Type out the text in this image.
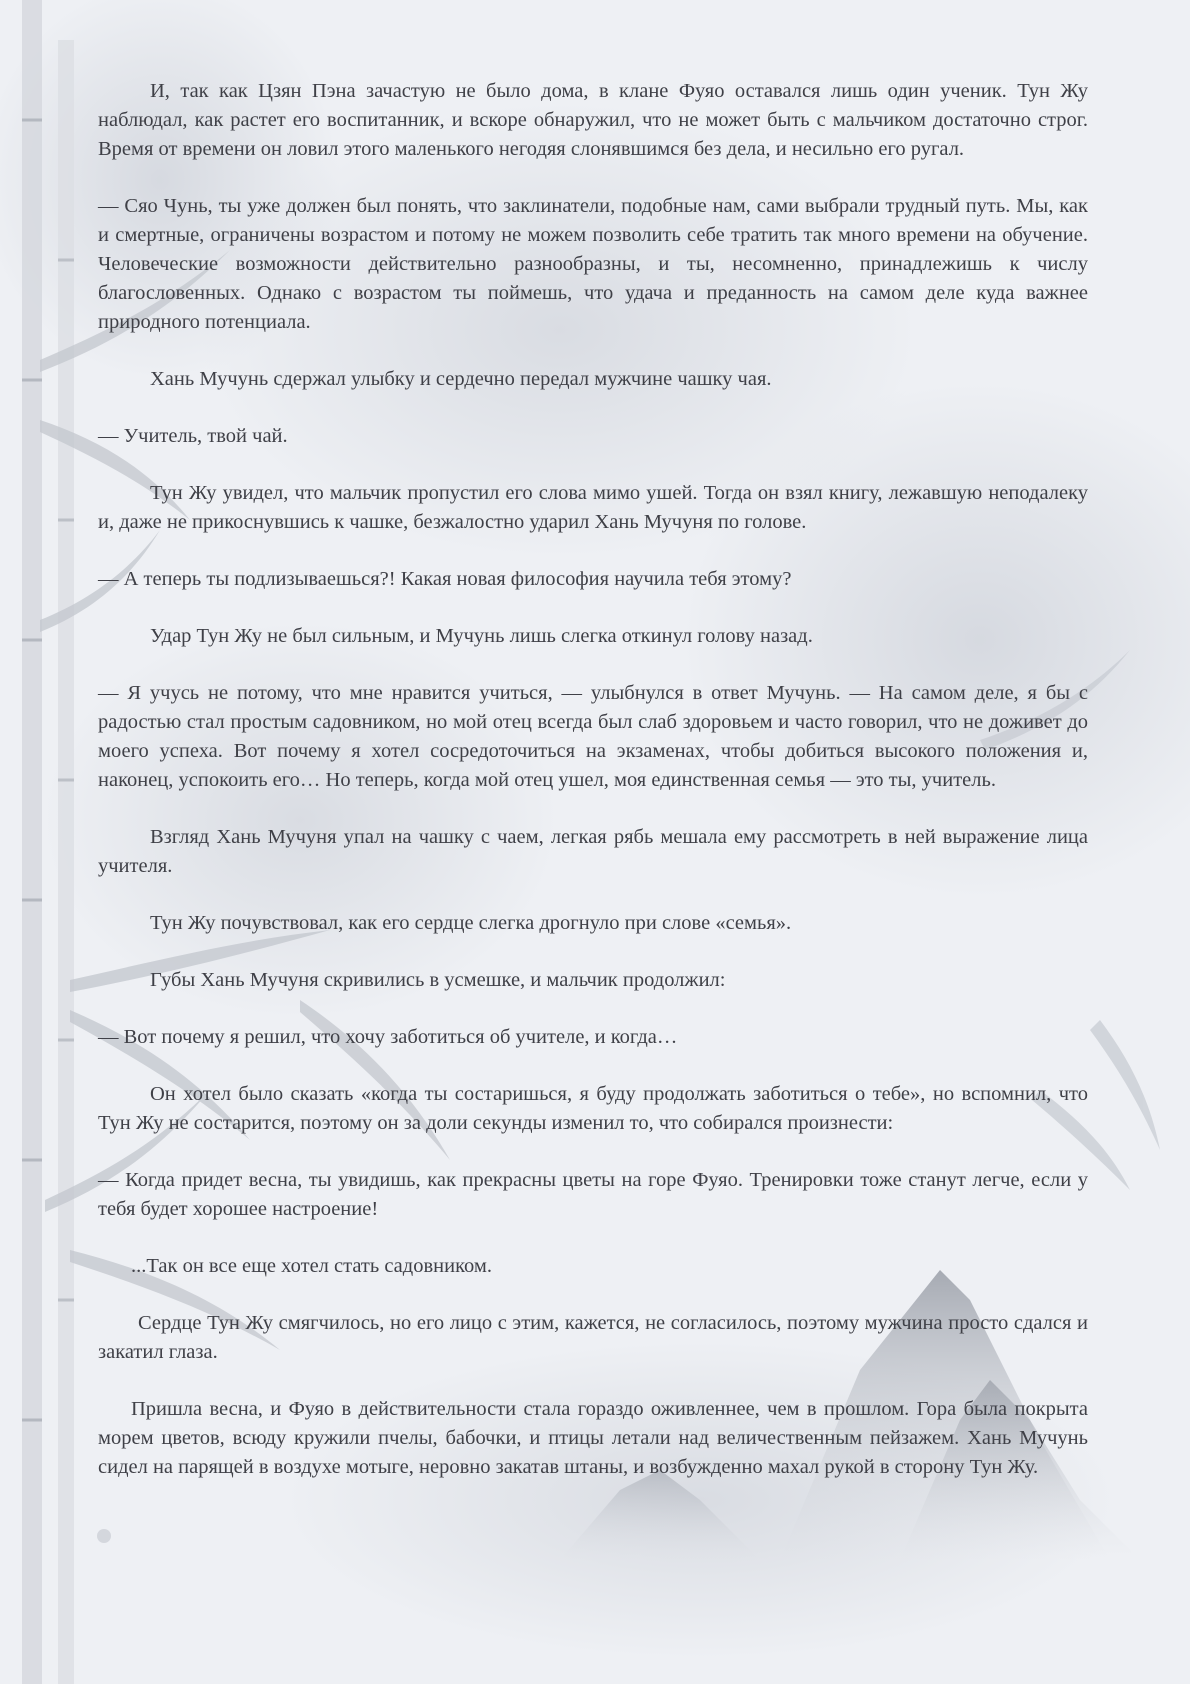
И, так как Цзян Пэна зачастую не было дома, в клане Фуяо оставался лишь один ученик. Тун Жу наблюдал, как растет его воспитанник, и вскоре обнаружил, что не может быть с мальчиком достаточно строг. Время от времени он ловил этого маленького негодяя слонявшимся без дела, и несильно его ругал.

— Сяо Чунь, ты уже должен был понять, что заклинатели, подобные нам, сами выбрали трудный путь. Мы, как и смертные, ограничены возрастом и потому не можем позволить себе тратить так много времени на обучение. Человеческие возможности действительно разнообразны, и ты, несомненно, принадлежишь к числу благословенных. Однако с возрастом ты поймешь, что удача и преданность на самом деле куда важнее природного потенциала.

Хань Мучунь сдержал улыбку и сердечно передал мужчине чашку чая.

— Учитель, твой чай.

Тун Жу увидел, что мальчик пропустил его слова мимо ушей. Тогда он взял книгу, лежавшую неподалеку и, даже не прикоснувшись к чашке, безжалостно ударил Хань Мучуня по голове.

— А теперь ты подлизываешься?! Какая новая философия научила тебя этому?

Удар Тун Жу не был сильным, и Мучунь лишь слегка откинул голову назад.

— Я учусь не потому, что мне нравится учиться, — улыбнулся в ответ Мучунь. — На самом деле, я бы с радостью стал простым садовником, но мой отец всегда был слаб здоровьем и часто говорил, что не доживет до моего успеха. Вот почему я хотел сосредоточиться на экзаменах, чтобы добиться высокого положения и, наконец, успокоить его… Но теперь, когда мой отец ушел, моя единственная семья — это ты, учитель.

Взгляд Хань Мучуня упал на чашку с чаем, легкая рябь мешала ему рассмотреть в ней выражение лица учителя.

Тун Жу почувствовал, как его сердце слегка дрогнуло при слове «семья».

Губы Хань Мучуня скривились в усмешке, и мальчик продолжил:

— Вот почему я решил, что хочу заботиться об учителе, и когда…

Он хотел было сказать «когда ты состаришься, я буду продолжать заботиться о тебе», но вспомнил, что Тун Жу не состарится, поэтому он за доли секунды изменил то, что собирался произнести:

— Когда придет весна, ты увидишь, как прекрасны цветы на горе Фуяо. Тренировки тоже станут легче, если у тебя будет хорошее настроение!

...Так он все еще хотел стать садовником.

Сердце Тун Жу смягчилось, но его лицо с этим, кажется, не согласилось, поэтому мужчина просто сдался и закатил глаза.

Пришла весна, и Фуяо в действительности стала гораздо оживленнее, чем в прошлом. Гора была покрыта морем цветов, всюду кружили пчелы, бабочки, и птицы летали над величественным пейзажем. Хань Мучунь сидел на парящей в воздухе мотыге, неровно закатав штаны, и возбужденно махал рукой в сторону Тун Жу.
